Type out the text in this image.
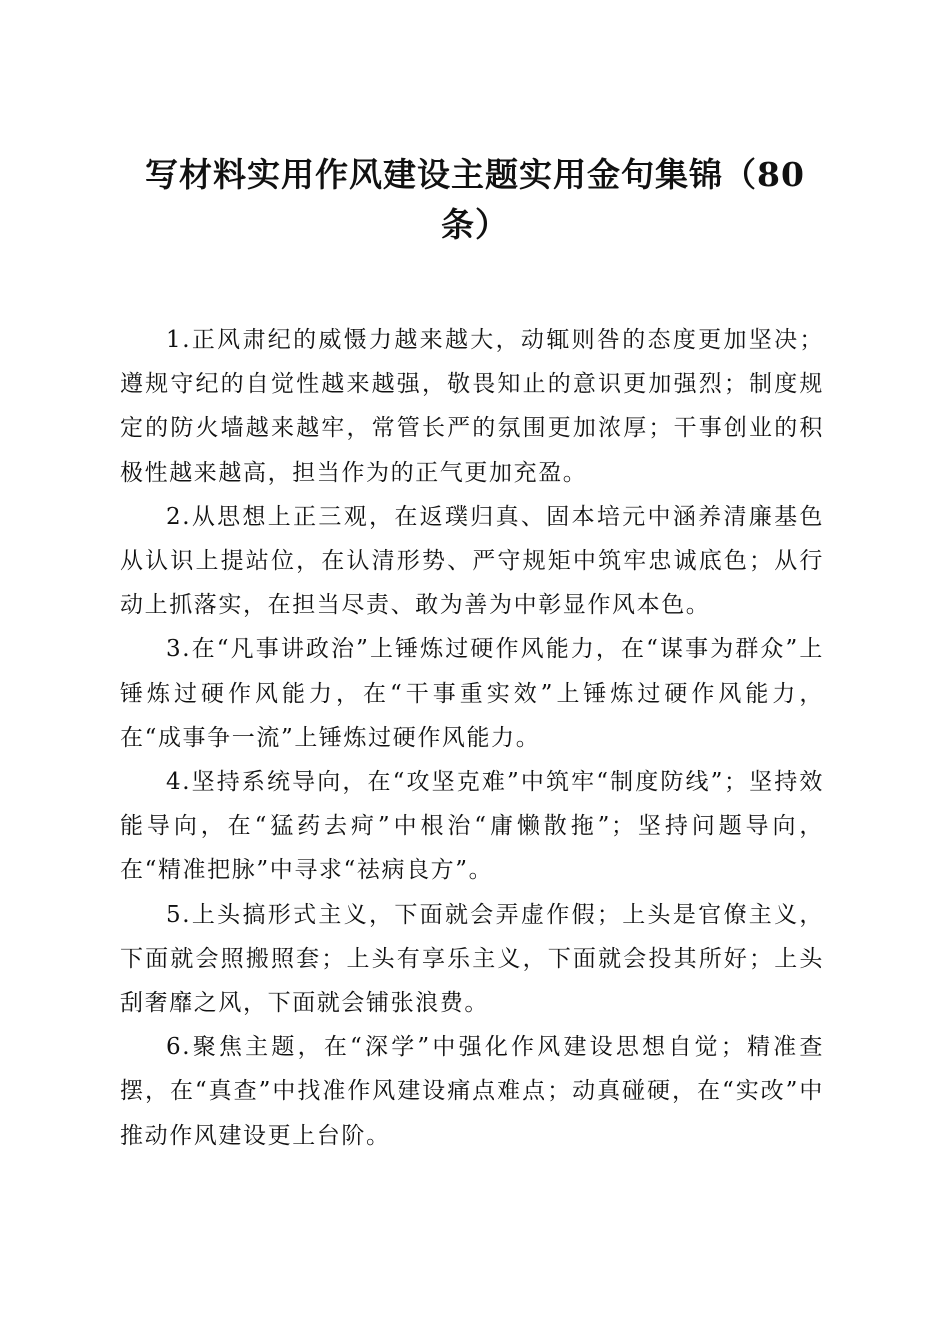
写材料实用作风建设主题实用金句集锦（80条）

1.正风肃纪的威慑力越来越大，动辄则咎的态度更加坚决；遵规守纪的自觉性越来越强，敬畏知止的意识更加强烈；制度规定的防火墙越来越牢，常管长严的氛围更加浓厚；干事创业的积极性越来越高，担当作为的正气更加充盈。

2.从思想上正三观，在返璞归真、固本培元中涵养清廉基色从认识上提站位，在认清形势、严守规矩中筑牢忠诚底色；从行动上抓落实，在担当尽责、敢为善为中彰显作风本色。

3.在“凡事讲政治”上锤炼过硬作风能力，在“谋事为群众”上锤炼过硬作风能力，在“干事重实效”上锤炼过硬作风能力，在“成事争一流”上锤炼过硬作风能力。

4.坚持系统导向，在“攻坚克难”中筑牢“制度防线”；坚持效能导向，在“猛药去疴”中根治“庸懒散拖”；坚持问题导向，在“精准把脉”中寻求“祛病良方”。

5.上头搞形式主义，下面就会弄虚作假；上头是官僚主义，下面就会照搬照套；上头有享乐主义，下面就会投其所好；上头刮奢靡之风，下面就会铺张浪费。

6.聚焦主题，在“深学”中强化作风建设思想自觉；精准查摆，在“真查”中找准作风建设痛点难点；动真碰硬，在“实改”中推动作风建设更上台阶。
